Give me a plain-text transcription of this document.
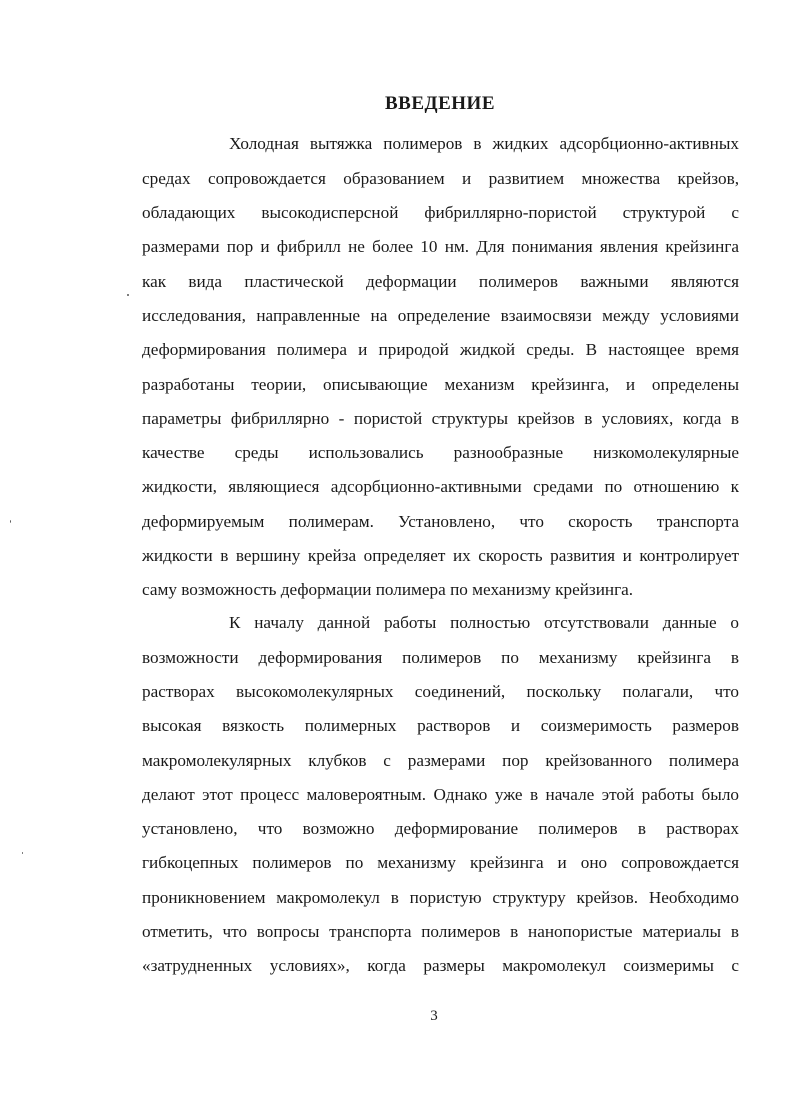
ВВЕДЕНИЕ
Холодная вытяжка полимеров в жидких адсорбционно-активных
средах сопровождается образованием и развитием множества крейзов,
обладающих высокодисперсной фибриллярно-пористой структурой с
размерами пор и фибрилл не более 10 нм. Для понимания явления крейзинга
как вида пластической деформации полимеров важными являются
исследования, направленные на определение взаимосвязи между условиями
деформирования полимера и природой жидкой среды. В настоящее время
разработаны теории, описывающие механизм крейзинга, и определены
параметры фибриллярно - пористой структуры крейзов в условиях, когда в
качестве среды использовались разнообразные низкомолекулярные
жидкости, являющиеся адсорбционно-активными средами по отношению к
деформируемым полимерам. Установлено, что скорость транспорта
жидкости в вершину крейза определяет их скорость развития и контролирует
саму возможность деформации полимера по механизму крейзинга.
К началу данной работы полностью отсутствовали данные о
возможности деформирования полимеров по механизму крейзинга в
растворах высокомолекулярных соединений, поскольку полагали, что
высокая вязкость полимерных растворов и соизмеримость размеров
макромолекулярных клубков с размерами пор крейзованного полимера
делают этот процесс маловероятным. Однако уже в начале этой работы было
установлено, что возможно деформирование полимеров в растворах
гибкоцепных полимеров по механизму крейзинга и оно сопровождается
проникновением макромолекул в пористую структуру крейзов. Необходимо
отметить, что вопросы транспорта полимеров в нанопористые материалы в
«затрудненных условиях», когда размеры макромолекул соизмеримы с
3
